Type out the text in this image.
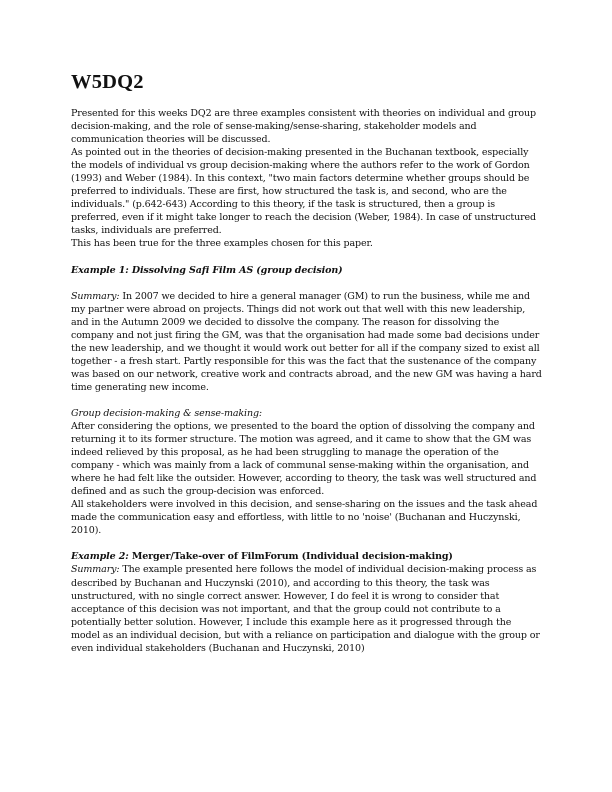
W5DQ2

Presented for this weeks DQ2 are three examples consistent with theories on individual and group decision-making, and the role of sense-making/sense-sharing, stakeholder models and communication theories will be discussed.

As pointed out in the theories of decision-making presented in the Buchanan textbook, especially the models of individual vs group decision-making where the authors refer to the work of Gordon (1993) and Weber (1984). In this context, "two main factors determine whether groups should be preferred to individuals. These are first, how structured the task is, and second, who are the individuals." (p.642-643) According to this theory, if the task is structured, then a group is preferred, even if it might take longer to reach the decision (Weber, 1984). In case of unstructured tasks, individuals are preferred.

This has been true for the three examples chosen for this paper.

Example 1: Dissolving Safi Film AS (group decision)

Summary: In 2007 we decided to hire a general manager (GM) to run the business, while me and my partner were abroad on projects. Things did not work out that well with this new leadership, and in the Autumn 2009 we decided to dissolve the company. The reason for dissolving the company and not just firing the GM, was that the organisation had made some bad decisions under the new leadership, and we thought it would work out better for all if the company sized to exist all together - a fresh start. Partly responsible for this was the fact that the sustenance of the company was based on our network, creative work and contracts abroad, and the new GM was having a hard time generating new income.

Group decision-making & sense-making:

After considering the options, we presented to the board the option of dissolving the company and returning it to its former structure. The motion was agreed, and it came to show that the GM was indeed relieved by this proposal, as he had been struggling to manage the operation of the company - which was mainly from a lack of communal sense-making within the organisation, and where he had felt like the outsider. However, according to theory, the task was well structured and defined and as such the group-decision was enforced.

All stakeholders were involved in this decision, and sense-sharing on the issues and the task ahead made the communication easy and effortless, with little to no 'noise' (Buchanan and Huczynski, 2010).

Example 2: Merger/Take-over of FilmForum (Individual decision-making)

Summary: The example presented here follows the model of individual decision-making process as described by Buchanan and Huczynski (2010), and according to this theory, the task was unstructured, with no single correct answer. However, I do feel it is wrong to consider that acceptance of this decision was not important, and that the group could not contribute to a potentially better solution. However, I include this example here as it progressed through the model as an individual decision, but with a reliance on participation and dialogue with the group or even individual stakeholders (Buchanan and Huczynski, 2010)
